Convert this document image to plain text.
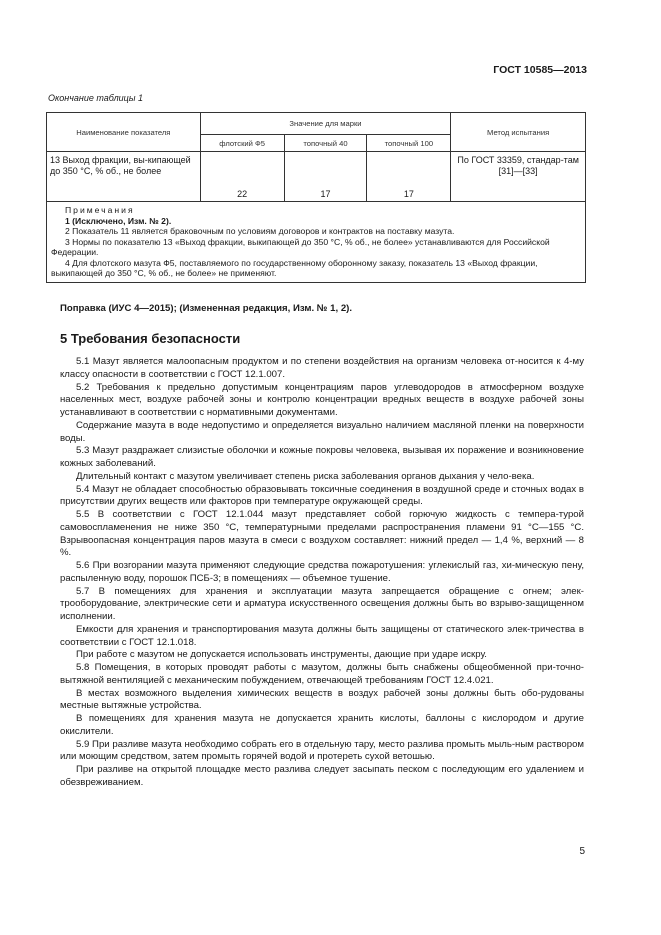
ГОСТ 10585—2013
Окончание таблицы 1
Наименование показателя	Значение для марки			Метод испытания
	флотский Ф5	топочный 40	топочный 100	
13 Выход фракции, вы-кипающей до 350 °С, % об., не более	22	17	17	По ГОСТ 33359, стандар-там [31]—[33]

Примечания
1 (Исключено, Изм. № 2).
2 Показатель 11 является браковочным по условиям договоров и контрактов на поставку мазута.
3 Нормы по показателю 13 «Выход фракции, выкипающей до 350 °С, % об., не более» устанавливаются для Российской Федерации.
4 Для флотского мазута Ф5, поставляемого по государственному оборонному заказу, показатель 13 «Выход фракции, выкипающей до 350 °С, % об., не более» не применяют.				
Поправка (ИУС 4—2015); (Измененная редакция, Изм. № 1, 2).
5 Требования безопасности

5.1 Мазут является малоопасным продуктом и по степени воздействия на организм человека от-носится к 4-му классу опасности в соответствии с ГОСТ 12.1.007.

5.2 Требования к предельно допустимым концентрациям паров углеводородов в атмосферном воздухе населенных мест, воздухе рабочей зоны и контролю концентрации вредных веществ в воздухе рабочей зоны устанавливают в соответствии с нормативными документами.

Содержание мазута в воде недопустимо и определяется визуально наличием масляной пленки на поверхности воды.

5.3 Мазут раздражает слизистые оболочки и кожные покровы человека, вызывая их поражение и возникновение кожных заболеваний.

Длительный контакт с мазутом увеличивает степень риска заболевания органов дыхания у чело-века.

5.4 Мазут не обладает способностью образовывать токсичные соединения в воздушной среде и сточных водах в присутствии других веществ или факторов при температуре окружающей среды.

5.5 В соответствии с ГОСТ 12.1.044 мазут представляет собой горючую жидкость с темпера-турой самовоспламенения не ниже 350 °С, температурными пределами распространения пламени 91 °С—155 °С. Взрывоопасная концентрация паров мазута в смеси с воздухом составляет: нижний предел — 1,4 %, верхний — 8 %.

5.6 При возгорании мазута применяют следующие средства пожаротушения: углекислый газ, хи-мическую пену, распыленную воду, порошок ПСБ-3; в помещениях — объемное тушение.

5.7 В помещениях для хранения и эксплуатации мазута запрещается обращение с огнем; элек-трооборудование, электрические сети и арматура искусственного освещения должны быть во взрыво-защищенном исполнении.

Емкости для хранения и транспортирования мазута должны быть защищены от статического элек-тричества в соответствии с ГОСТ 12.1.018.

При работе с мазутом не допускается использовать инструменты, дающие при ударе искру.

5.8 Помещения, в которых проводят работы с мазутом, должны быть снабжены общеобменной при-точно-вытяжной вентиляцией с механическим побуждением, отвечающей требованиям ГОСТ 12.4.021.

В местах возможного выделения химических веществ в воздух рабочей зоны должны быть обо-рудованы местные вытяжные устройства.

В помещениях для хранения мазута не допускается хранить кислоты, баллоны с кислородом и другие окислители.

5.9 При разливе мазута необходимо собрать его в отдельную тару, место разлива промыть мыль-ным раствором или моющим средством, затем промыть горячей водой и протереть сухой ветошью.

При разливе на открытой площадке место разлива следует засыпать песком с последующим его удалением и обезвреживанием.

5
